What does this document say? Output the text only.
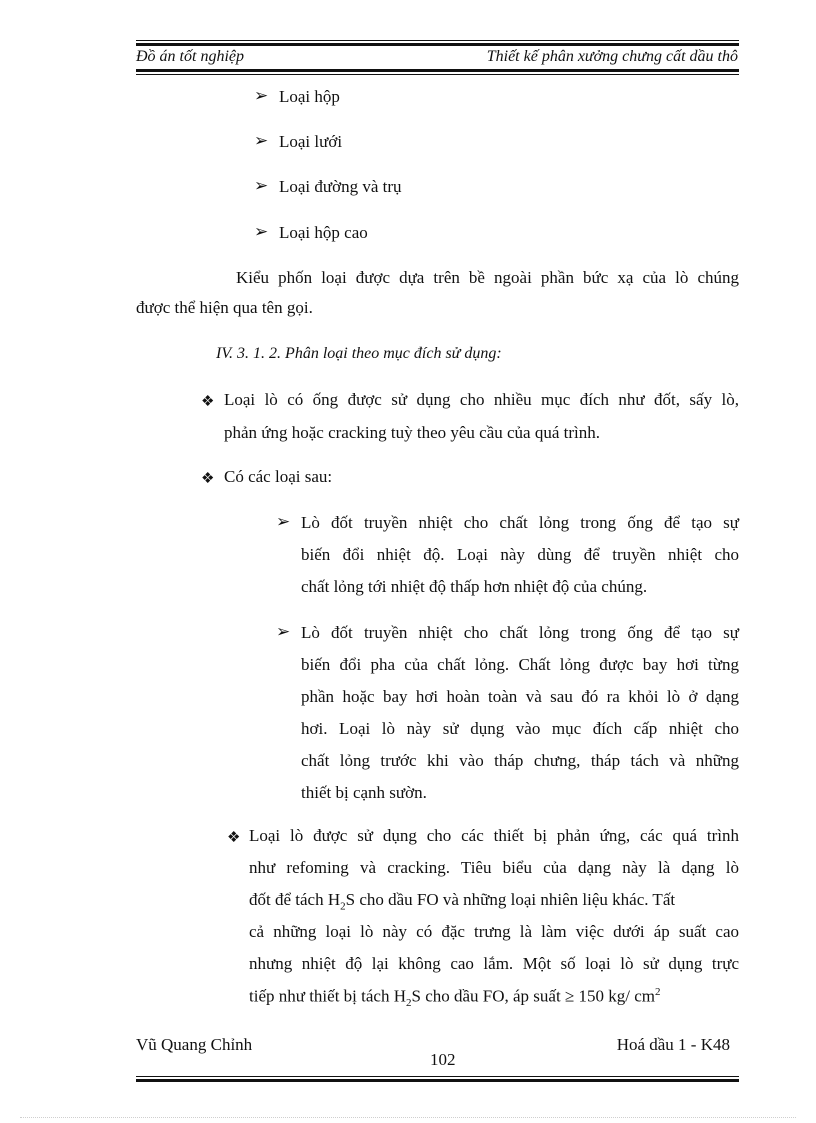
Đồ án tốt nghiệp	Thiết kế phân xưởng chưng cất dầu thô
➢ Loại hộp
➢ Loại lưới
➢ Loại đường và trụ
➢ Loại hộp cao
Kiểu phốn loại được dựa trên bề ngoài phần bức xạ của lò chúng
được thể hiện qua tên gọi.
IV. 3. 1. 2. Phân loại theo mục đích sử dụng:
❖ Loại lò có ống được sử dụng cho nhiều mục đích như đốt, sấy lò,
phản ứng hoặc cracking tuỳ theo yêu cầu của quá trình.
❖ Có các loại sau:
➢ Lò đốt truyền nhiệt cho chất lỏng trong ống để tạo sự
biến đổi nhiệt độ. Loại này dùng để truyền nhiệt cho
chất lỏng tới nhiệt độ thấp hơn nhiệt độ của chúng.
➢ Lò đốt truyền nhiệt cho chất lỏng trong ống để tạo sự
biến đổi pha của chất lỏng. Chất lỏng được bay hơi từng
phần hoặc bay hơi hoàn toàn và sau đó ra khỏi lò ở dạng
hơi. Loại lò này sử dụng vào mục đích cấp nhiệt cho
chất lỏng trước khi vào tháp chưng, tháp tách và những
thiết bị cạnh sườn.
❖ Loại lò được sử dụng cho các thiết bị phản ứng, các quá trình
như refoming và cracking. Tiêu biểu của dạng này là dạng lò
đốt để tách $H_2S$ cho dầu FO và những loại nhiên liệu khác. Tất
cả những loại lò này có đặc trưng là làm việc dưới áp suất cao
nhưng nhiệt độ lại không cao lắm. Một số loại lò sử dụng trực
tiếp như thiết bị tách $H_2S$ cho dầu FO, áp suất ≥ 150 kg/ $cm^2$
Vũ Quang Chỉnh
102
Hoá dầu 1 - K48
